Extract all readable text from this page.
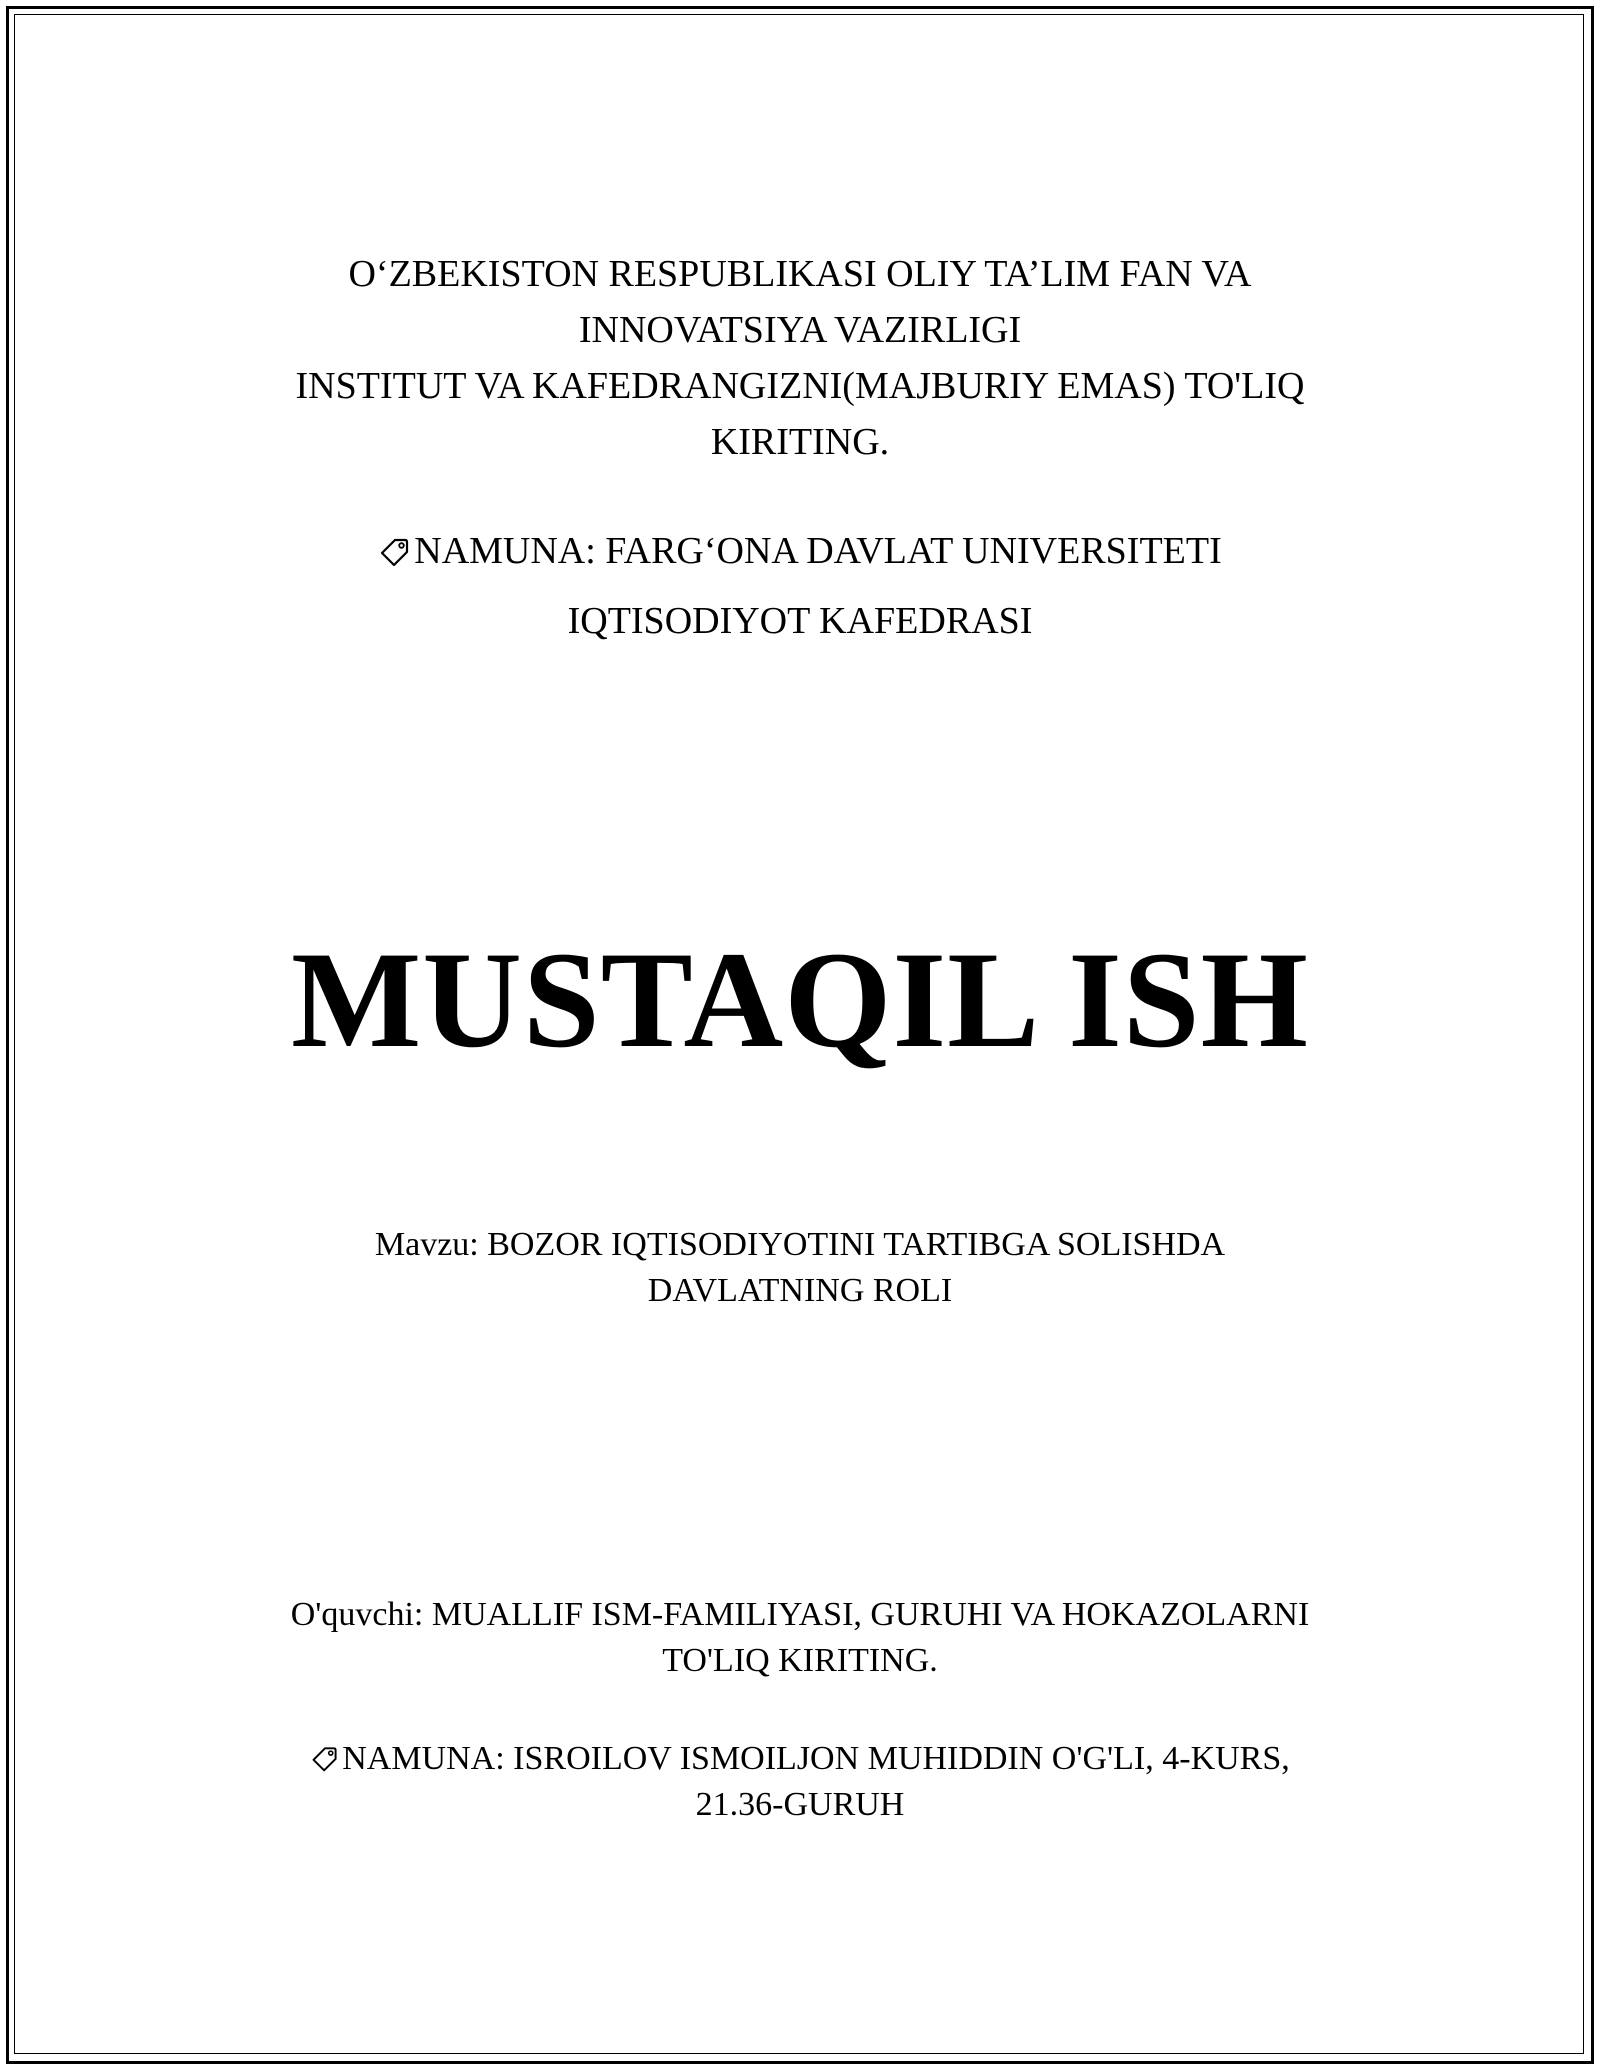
O‘ZBEKISTON RESPUBLIKASI OLIY TA’LIM FAN VA
INNOVATSIYA VAZIRLIGI
INSTITUT VA KAFEDRANGIZNI(MAJBURIY EMAS) TO'LIQ
KIRITING.
NAMUNA: FARG‘ONA DAVLAT UNIVERSITETI
IQTISODIYOT KAFEDRASI
MUSTAQIL ISH
Mavzu: BOZOR IQTISODIYOTINI TARTIBGA SOLISHDA
DAVLATNING ROLI
O'quvchi: MUALLIF ISM-FAMILIYASI, GURUHI VA HOKAZOLARNI
TO'LIQ KIRITING.
NAMUNA: ISROILOV ISMOILJON MUHIDDIN O'G'LI, 4-KURS,
21.36-GURUH
